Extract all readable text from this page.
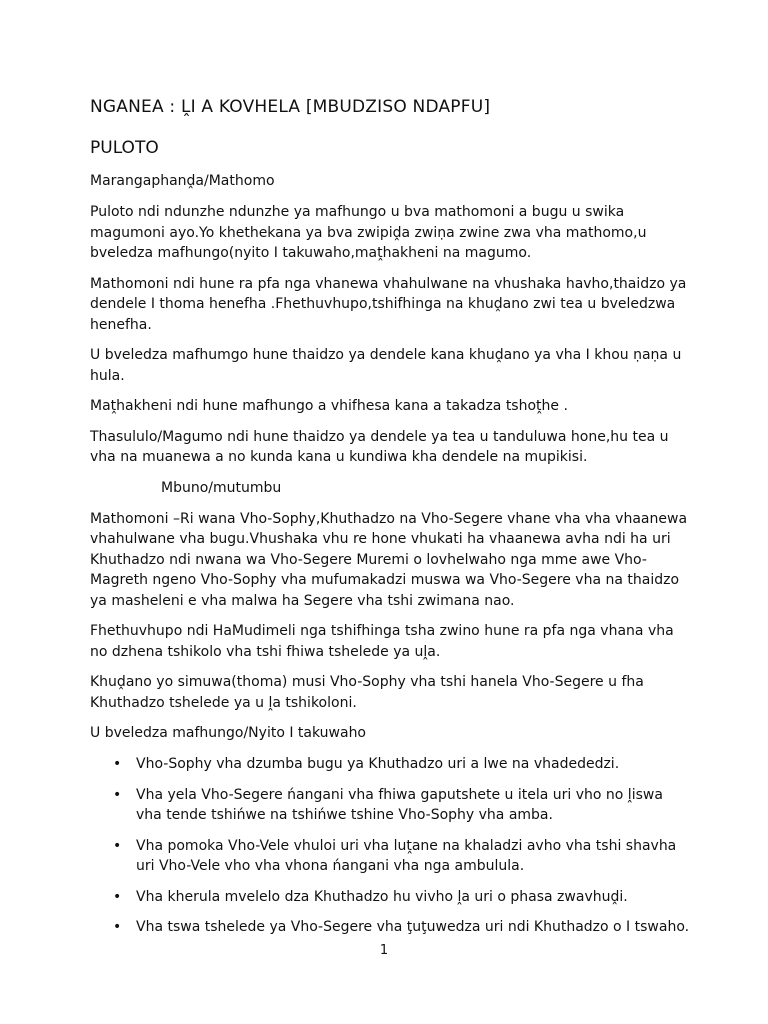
NGANEA : ḼI A KOVHELA [MBUDZISO NDAPFU]
PULOTO
Marangaphanḓa/Mathomo

Puloto ndi ndunzhe ndunzhe ya mafhungo u bva mathomoni a bugu u swika magumoni ayo.Yo khethekana ya bva zwipiḓa zwiṇa zwine zwa vha mathomo,u bveledza mafhungo(nyito I takuwaho,maṱhakheni na magumo.

Mathomoni ndi hune ra pfa nga vhanewa vhahulwane na vhushaka havho,thaidzo ya dendele I thoma henefha .Fhethuvhupo,tshifhinga na khuḓano zwi tea u bveledzwa henefha.

U bveledza mafhumgo hune thaidzo ya dendele kana khuḓano ya vha I khou ṇaṇa u hula.

Maṱhakheni ndi hune mafhungo a vhifhesa kana a takadza tshoṱhe .

Thasululo/Magumo ndi hune thaidzo ya dendele ya tea u tanduluwa hone,hu tea u vha na muanewa a no kunda kana u kundiwa kha dendele na mupikisi.

Mbuno/mutumbu

Mathomoni –Ri wana Vho-Sophy,Khuthadzo na Vho-Segere vhane vha vha vhaanewa vhahulwane vha bugu.Vhushaka vhu re hone vhukati ha vhaanewa avha ndi ha uri Khuthadzo ndi nwana wa Vho-Segere Muremi o lovhelwaho nga mme awe Vho-Magreth ngeno Vho-Sophy vha mufumakadzi muswa wa Vho-Segere vha na thaidzo ya masheleni e vha malwa ha Segere vha tshi zwimana nao.

Fhethuvhupo ndi HaMudimeli nga tshifhinga tsha zwino hune ra pfa nga vhana vha no dzhena tshikolo vha tshi fhiwa tshelede ya uḽa.

Khuḓano yo simuwa(thoma) musi Vho-Sophy vha tshi hanela Vho-Segere u fha Khuthadzo tshelede ya u ḽa tshikoloni.

U bveledza mafhungo/Nyito I takuwaho
• Vho-Sophy vha dzumba bugu ya Khuthadzo uri a lwe na vhadededzi.
• Vha yela Vho-Segere ńangani vha fhiwa gaputshete u itela uri vho no ḽiswa vha tende tshińwe na tshińwe tshine Vho-Sophy vha amba.
• Vha pomoka Vho-Vele vhuloi uri vha luṱane na khaladzi avho vha tshi shavha uri Vho-Vele vho vha vhona ńangani vha nga ambulula.
• Vha kherula mvelelo dza Khuthadzo hu vivho ḽa uri o phasa zwavhuḓi.
• Vha tswa tshelede ya Vho-Segere vha ţuţuwedza uri ndi Khuthadzo o I tswaho.
1
